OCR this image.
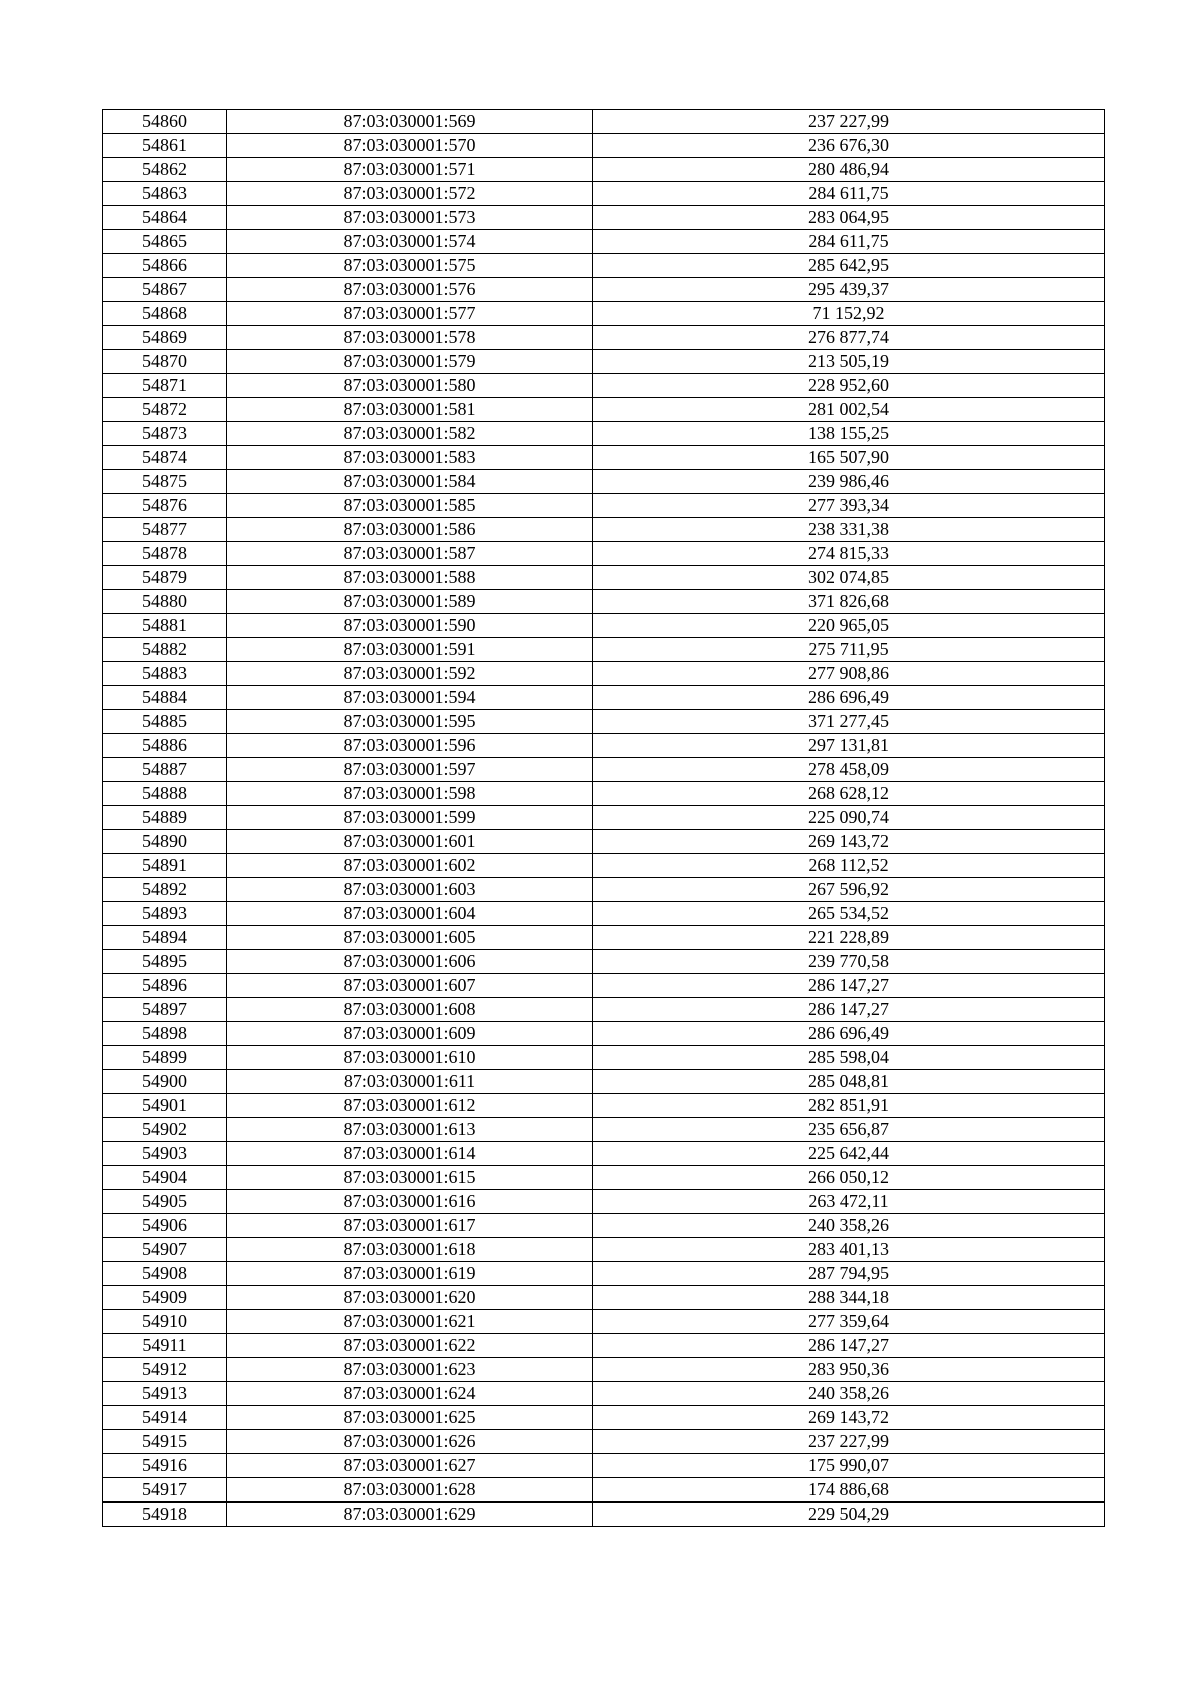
54860	87:03:030001:569	237 227,99
54861	87:03:030001:570	236 676,30
54862	87:03:030001:571	280 486,94
54863	87:03:030001:572	284 611,75
54864	87:03:030001:573	283 064,95
54865	87:03:030001:574	284 611,75
54866	87:03:030001:575	285 642,95
54867	87:03:030001:576	295 439,37
54868	87:03:030001:577	71 152,92
54869	87:03:030001:578	276 877,74
54870	87:03:030001:579	213 505,19
54871	87:03:030001:580	228 952,60
54872	87:03:030001:581	281 002,54
54873	87:03:030001:582	138 155,25
54874	87:03:030001:583	165 507,90
54875	87:03:030001:584	239 986,46
54876	87:03:030001:585	277 393,34
54877	87:03:030001:586	238 331,38
54878	87:03:030001:587	274 815,33
54879	87:03:030001:588	302 074,85
54880	87:03:030001:589	371 826,68
54881	87:03:030001:590	220 965,05
54882	87:03:030001:591	275 711,95
54883	87:03:030001:592	277 908,86
54884	87:03:030001:594	286 696,49
54885	87:03:030001:595	371 277,45
54886	87:03:030001:596	297 131,81
54887	87:03:030001:597	278 458,09
54888	87:03:030001:598	268 628,12
54889	87:03:030001:599	225 090,74
54890	87:03:030001:601	269 143,72
54891	87:03:030001:602	268 112,52
54892	87:03:030001:603	267 596,92
54893	87:03:030001:604	265 534,52
54894	87:03:030001:605	221 228,89
54895	87:03:030001:606	239 770,58
54896	87:03:030001:607	286 147,27
54897	87:03:030001:608	286 147,27
54898	87:03:030001:609	286 696,49
54899	87:03:030001:610	285 598,04
54900	87:03:030001:611	285 048,81
54901	87:03:030001:612	282 851,91
54902	87:03:030001:613	235 656,87
54903	87:03:030001:614	225 642,44
54904	87:03:030001:615	266 050,12
54905	87:03:030001:616	263 472,11
54906	87:03:030001:617	240 358,26
54907	87:03:030001:618	283 401,13
54908	87:03:030001:619	287 794,95
54909	87:03:030001:620	288 344,18
54910	87:03:030001:621	277 359,64
54911	87:03:030001:622	286 147,27
54912	87:03:030001:623	283 950,36
54913	87:03:030001:624	240 358,26
54914	87:03:030001:625	269 143,72
54915	87:03:030001:626	237 227,99
54916	87:03:030001:627	175 990,07
54917	87:03:030001:628	174 886,68
54918	87:03:030001:629	229 504,29
